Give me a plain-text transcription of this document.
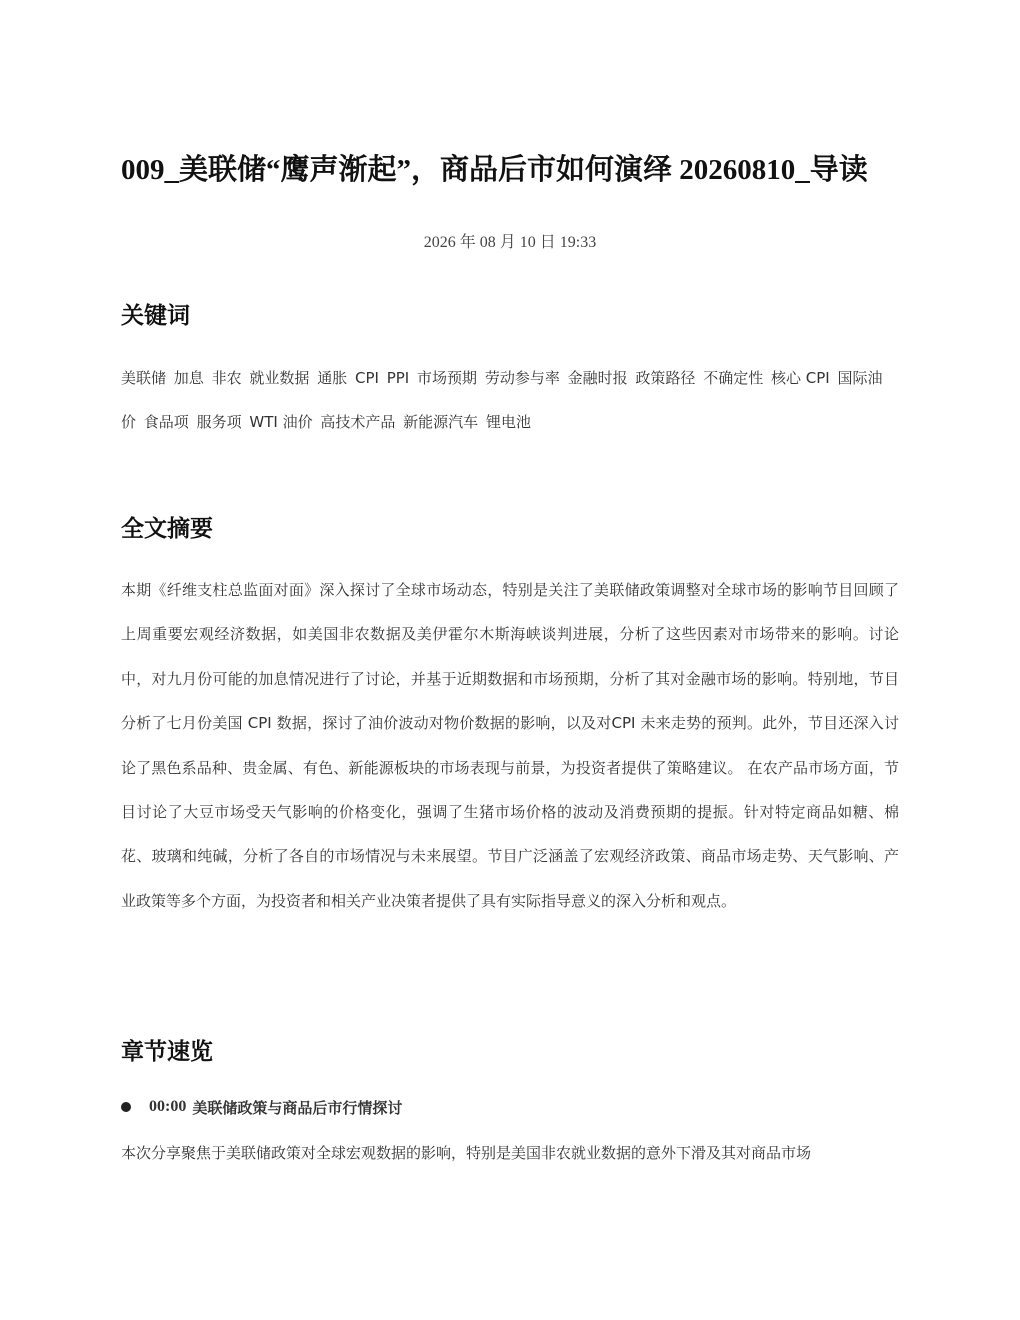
009_美联储“鹰声渐起”，商品后市如何演绎 20260810_导读
2026 年 08 月 10 日 19:33
关键词
美联储 加息 非农 就业数据 通胀 CPI PPI 市场预期 劳动参与率 金融时报 政策路径 不确定性 核心 CPI 国际油价 食品项 服务项 WTI 油价 高技术产品 新能源汽车 锂电池
全文摘要

本期《纤维支柱总监面对面》深入探讨了全球市场动态，特别是关注了美联储政策调整对全球市场的影响节目回顾了上周重要宏观经济数据，如美国非农数据及美伊霍尔木斯海峡谈判进展，分析了这些因素对市场带来的影响。讨论中，对九月份可能的加息情况进行了讨论，并基于近期数据和市场预期，分析了其对金融市场的影响。特别地，节目分析了七月份美国 CPI 数据，探讨了油价波动对物价数据的影响，以及对CPI 未来走势的预判。此外，节目还深入讨论了黑色系品种、贵金属、有色、新能源板块的市场表现与前景，为投资者提供了策略建议。 在农产品市场方面，节目讨论了大豆市场受天气影响的价格变化，强调了生猪市场价格的波动及消费预期的提振。针对特定商品如糖、棉花、玻璃和纯碱，分析了各自的市场情况与未来展望。节目广泛涵盖了宏观经济政策、商品市场走势、天气影响、产业政策等多个方面，为投资者和相关产业决策者提供了具有实际指导意义的深入分析和观点。

章节速览
00:00 美联储政策与商品后市行情探讨

本次分享聚焦于美联储政策对全球宏观数据的影响，特别是美国非农就业数据的意外下滑及其对商品市场
